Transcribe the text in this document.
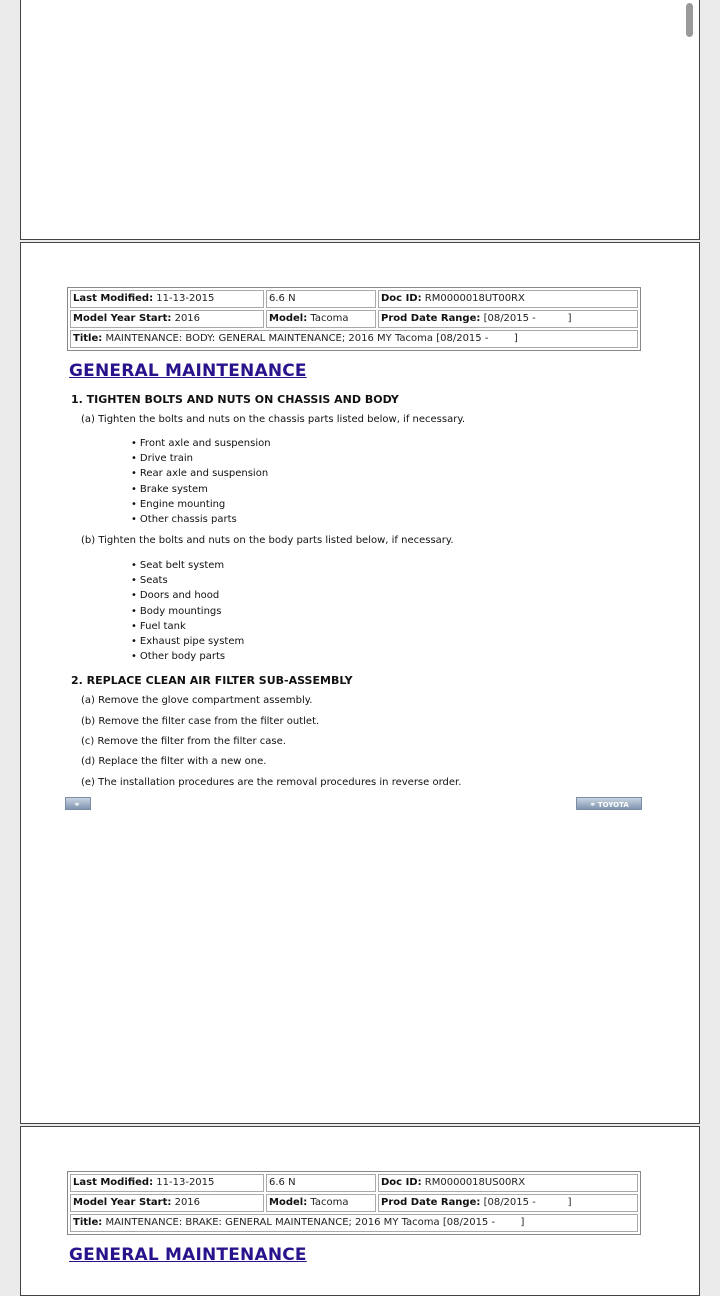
Last Modified: 11-13-2015	6.6 N	Doc ID: RM0000018UT00RX
Model Year Start: 2016	Model: Tacoma	Prod Date Range: [08/2015 -          ]
Title: MAINTENANCE: BODY: GENERAL MAINTENANCE; 2016 MY Tacoma [08/2015 -        ]		
GENERAL MAINTENANCE
1. TIGHTEN BOLTS AND NUTS ON CHASSIS AND BODY
(a) Tighten the bolts and nuts on the chassis parts listed below, if necessary.
• Front axle and suspension
• Drive train
• Rear axle and suspension
• Brake system
• Engine mounting
• Other chassis parts
(b) Tighten the bolts and nuts on the body parts listed below, if necessary.
• Seat belt system
• Seats
• Doors and hood
• Body mountings
• Fuel tank
• Exhaust pipe system
• Other body parts
2. REPLACE CLEAN AIR FILTER SUB-ASSEMBLY
(a) Remove the glove compartment assembly.
(b) Remove the filter case from the filter outlet.
(c) Remove the filter from the filter case.
(d) Replace the filter with a new one.
(e) The installation procedures are the removal procedures in reverse order.
⚭	⚭ TOYOTA
Last Modified: 11-13-2015	6.6 N	Doc ID: RM0000018US00RX
Model Year Start: 2016	Model: Tacoma	Prod Date Range: [08/2015 -          ]
Title: MAINTENANCE: BRAKE: GENERAL MAINTENANCE; 2016 MY Tacoma [08/2015 -        ]		
GENERAL MAINTENANCE
